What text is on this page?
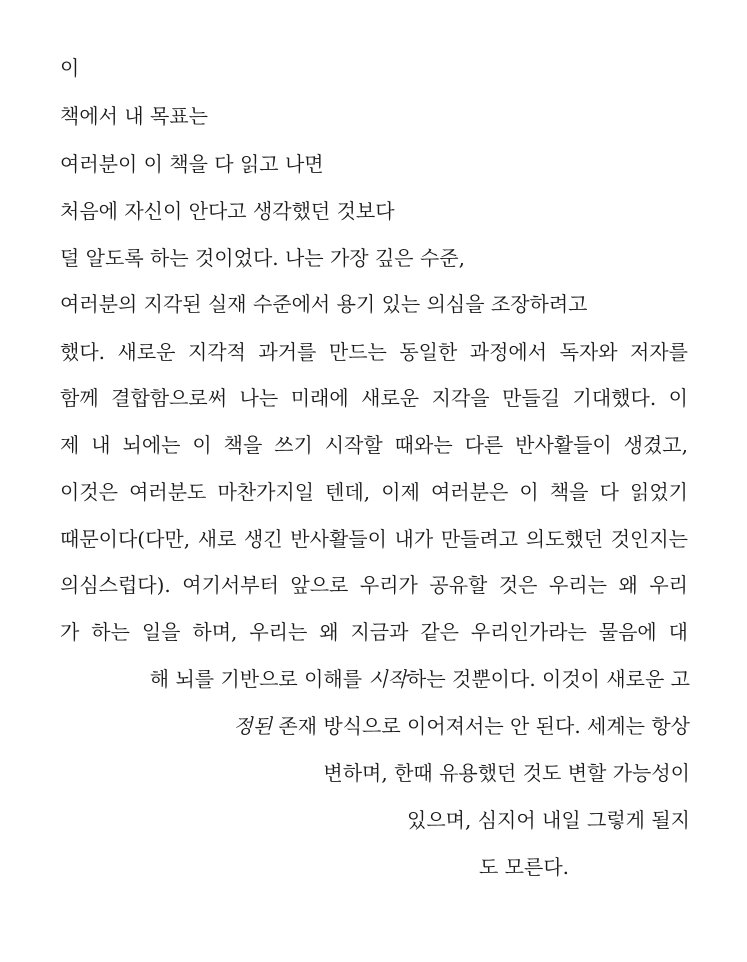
이
책에서 내 목표는
여러분이 이 책을 다 읽고 나면
처음에 자신이 안다고 생각했던 것보다
덜 알도록 하는 것이었다. 나는 가장 깊은 수준,
여러분의 지각된 실재 수준에서 용기 있는 의심을 조장하려고
했다. 새로운 지각적 과거를 만드는 동일한 과정에서 독자와 저자를
함께 결합함으로써 나는 미래에 새로운 지각을 만들길 기대했다. 이
제 내 뇌에는 이 책을 쓰기 시작할 때와는 다른 반사활들이 생겼고,
이것은 여러분도 마찬가지일 텐데, 이제 여러분은 이 책을 다 읽었기
때문이다(다만, 새로 생긴 반사활들이 내가 만들려고 의도했던 것인지는
의심스럽다). 여기서부터 앞으로 우리가 공유할 것은 우리는 왜 우리
가 하는 일을 하며, 우리는 왜 지금과 같은 우리인가라는 물음에 대
해 뇌를 기반으로 이해를 시작하는 것뿐이다. 이것이 새로운 고
정된 존재 방식으로 이어져서는 안 된다. 세계는 항상
변하며, 한때 유용했던 것도 변할 가능성이
있으며, 심지어 내일 그렇게 될지
도 모른다.
